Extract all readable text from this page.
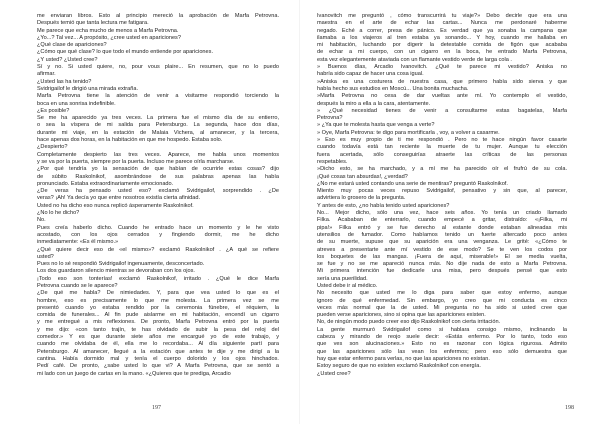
me enviaran libros. Esto al principio mereció la aprobación de Marfa Petrovna.
Después temió que tanta lectura me fatigara.
Me parece que echa mucho de menos a Marfa Petrovna.
¿Yo...? Tal vez... A propósito, ¿cree usted en apariciones?
¿Qué clase de apariciones?
¿Cómo que qué clase? lo que todo el mundo entiende por apariciones.
¿Y usted? ¿Usted cree?
Sí y no. Si usted quiere, no, pour vous plaire... En resumen, que no lo puedo
afirmar.
¿Usted las ha tenido?
Svidrigailof le dirigió una mirada extraña.
Marfa Petrovna tiene la atención de venir a visitarme respondió torciendo la
boca en una sonrisa indefinible.
¿Es posible?
Se me ha aparecido ya tres veces. La primera fue el mismo día de su entierro,
o sea la víspera de mi salida para Petersburgo. La segunda, hace dos días,
durante mi viaje, en la estación de Malaia Vichera, al amanecer, y la tercera,
hace apenas dos horas, en la habitación en que me hospedo. Estaba solo.
¿Despierto?
Completamente despierto las tres veces. Aparece, me habla unos momentos
y se va por la puerta, siempre por la puerta. Incluso me parece oírla marcharse.
¿Por qué tendría yo la sensación de que habían de ocurrirle estas cosas? dijo
de súbito Raskolnikof, asombrándose de sus palabras apenas las había
pronunciado. Estaba extraordinariamente emocionado.
¿De veras ha pensado usted eso? exclamó Svidrigailof, sorprendido . ¿De
veras? ¡Ah! Ya decía yo que entre nosotros existía cierta afinidad.
Usted no ha dicho eso nunca replicó ásperamente Raskolnikof.
¿No lo he dicho?
No.
Pues creía haberlo dicho. Cuando he entrado hace un momento y le he visto
acostado, con los ojos cerrados y fingiendo dormir, me he dicho
inmediatamente: «Es él mismo.»
¿Qué quiere decir eso de «el mismo»? exclamó Raskolnikof . ¿A qué se refiere
usted?
Pues no lo sé respondió Svidrigailof ingenuamente, desconcertado.
Los dos guardaron silencio mientras se devoraban con los ojos.
¡Todo eso son tonterías! exclamó Raskolnikof, irritado . ¿Qué le dice Marfa
Petrovna cuando se le aparece?
¿De qué me habla? De nimiedades. Y, para que vea usted lo que es el
hombre, eso es precisamente lo que me molesta. La primera vez se me
presentó cuando yo estaba rendido por la ceremonia fúnebre, el réquiem, la
comida de funerales... Al fin pude aislarme en mi habitación, encendí un cigarro
y me entregué a mis reflexiones. De pronto, Marfa Petrovna entró por la puerta
y me dijo: «con tanto trajín, te has olvidado de subir la pesa del reloj del
comedor.» Y es que durante siete años me encargué yo de este trabajo, y
cuando me olvidaba de él, ella me lo recordaba... Al día siguiente partí para
Petersburgo. Al amanecer, llegué a la estación que antes te dije y me dirigí a la
cantina. Había dormido mal y tenía el cuerpo dolorido y los ojos hinchados.
Pedí café. De pronto, ¿sabe usted lo que vi? A Marfa Petrovna, que se sentó a
mi lado con un juego de cartas en la mano. «¿Quieres que te prediga, Arcadio
197
Ivanovitch me preguntó , cómo transcurrirá tu viaje?» Debo decirle que era una
maestra en el arte de echar las cartas... Nunca me perdonaré haberme
negado. Eché a correr, presa de pánico. Es verdad que ya sonaba la campana que
ilamaba a los viajeros al tren estaba ya sonando... Y hoy, cuando me hallaba en
mi habitación, luchando por digerir la detestable comida de figón que acababa
de echar a mi cuerpo, con un cigarro en la boca, he entrado Marfa Petrovna,
esta vez elegantemente ataviada con un flamante vestido verde de larga cola .
» Buenos días, Arcadio Ivanovitch. ¿Qué te parece mi vestido? Aniska no
habría sido capaz de hacer una cosa igual.
»Aniska es una costurera de nuestra casa, que primero había sido sierva y que
había hecho sus estudios en Moscú... Una bonita muchacha.
»Marfa Petrovna no cesa de dar vueltas ante mí. Yo contemplo el vestido,
después la miro a ella a la cara, atentamente.
» ¿Qué necesidad tienes de venir a consultarme estas bagatelas, Marfa
Petrovna?
» ¿Ya que te molesta hasta que venga a verte?
» Oye, Marfa Petrovna: te digo para mortificarla , voy, a volver a casarme.
» Eso es muy propio de ti me respondió . Pero no te hace ningún favor casarte
cuando todavía está tan reciente la muerte de tu mujer. Aunque tu elección
fuera acertada, sólo conseguirías atraerte las críticas de las personas
respetables.
»Dicho esto, se ha marchado, y a mí me ha parecido oír el frufrú de su cola.
¡Qué cosas tan absurdas!, ¿verdad?
¿No me estará usted contando una serie de mentiras? preguntó Raskolnikof.
Miento muy pocas veces repuso Svidrigailof, pensativo y sin que, al parecer,
advirtiera lo grosero de la pregunta.
Y antes de esto, ¿no había tenido usted apariciones?
No... Mejor dicho, sólo una vez, hace seis años. Yo tenía un criado llamado
Filka. Acababan de enterrarlo, cuando empecé a gritar, distraído: «¡Filka, mi
pipa!» Filka entró y se fue derecho al estante donde estaban alineadas mis
utensilios de fumador. Como habíamos tenido un fuerte altercado poco antes
de su muerte, supuse que su aparición era una venganza. Le grité: «¿Cómo te
atreves a presentarte ante mí vestido de ese modo? Se te ven los codos por
los boquetes de las mangas. ¡Fuera de aquí, miserable!» El se media vuelta,
se fue y no se me apareció nunca más. No dije nada de esto a Marfa Petrovna.
Mi primera intención fue dedicarle una misa, pero después pensé que esto
sería una puerilidad.
Usted debe ir al médico.
No necesito que usted me lo diga para saber que estoy enfermo, aunque
ignoro de qué enfermedad. Sin embargo, yo creo que mi conducta es cinco
veces más normal que la de usted. Mi pregunta no ha sido si usted cree que
pueden verse apariciones, sino si opina que las apariciones existen.
No, de ningún modo puedo creer eso dijo Raskolnikof con cierta irritación.
La gente murmuró Svidrigailof como si hablara consigo mismo, inclinando la
cabeza y mirando de reojo suele decir: «Estás enfermo. Por lo tanto, todo eso
que ves son alucinaciones.» Esto no es razonar con lógica rigurosa. Admito
que las apariciones sólo las vean los enfermos; pero eso sólo demuestra que
hay que estar enfermo para verlas, no que las apariciones no existan.
Estoy seguro de que no existen exclamó Raskolnikof con energía.
¿Usted cree?
198
